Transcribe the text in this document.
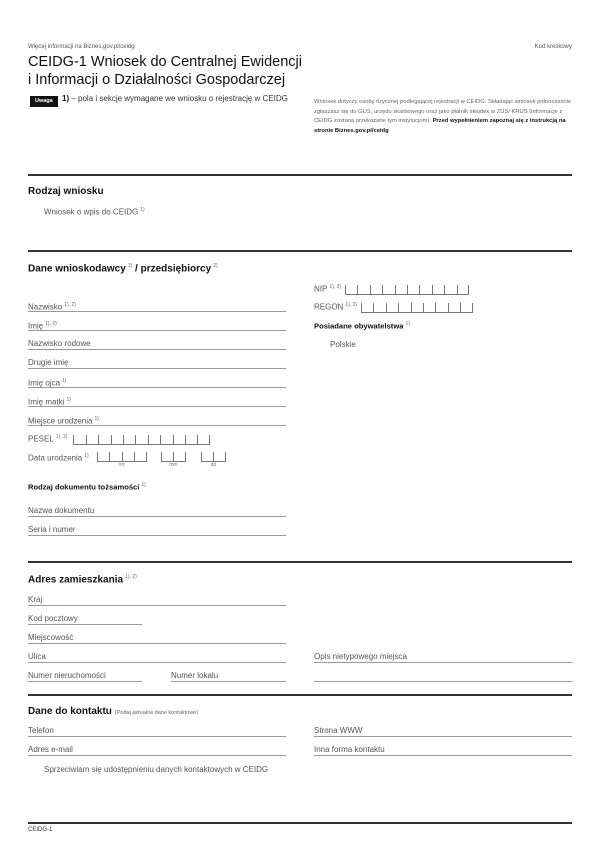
Więcej informacji na Biznes.gov.pl/ceidg	Kod kreskowy
CEIDG-1 Wniosek do Centralnej Ewidencji
i Informacji o Działalności Gospodarczej
Uwaga	1) – pola i sekcje wymagane we wniosku o rejestrację w CEIDG	Wniosek dotyczy osoby fizycznej podlegającej rejestracji w CEIDG. Składając wniosek jednocześnie zgłaszasz się do GUS, urzędu skarbowego oraz jako płatnik składek w ZUS/ KRUS (informacje z CEIDG zostaną przekazane tym instytucjom). Przed wypełnieniem zapoznaj się z instrukcją na stronie Biznes.gov.pl/ceidg
Rodzaj wniosku
Wniosek o wpis do CEIDG $^{1)}$
Dane wnioskodawcy $^{1)}$ / przedsiębiorcy $^{2)}$
Nazwisko $^{1), 2)}$
Imię $^{1), 2)}$
Nazwisko rodowe
Drugie imię
Imię ojca $^{1)}$
Imię matki $^{1)}$
Miejsce urodzenia $^{1)}$
PESEL $^{1), 2)}$
Data urodzenia $^{1)}$
rrrr	mm	dd
Rodzaj dokumentu tożsamości $^{1)}$
Nazwa dokumentu
Seria i numer
NIP $^{1), 2)}$
REGON $^{1), 2)}$
Posiadane obywatelstwa $^{1)}$
Polskie
Adres zamieszkania $^{1), 2)}$
Kraj
Kod pocztowy
Miejscowość
Ulica
Numer nieruchomości	Numer lokalu
Opis nietypowego miejsca
Dane do kontaktu (Podaj aktualne dane kontaktowe)
Telefon
Adres e-mail
Strona WWW
Inna forma kontaktu
Sprzeciwiam się udostępnieniu danych kontaktowych w CEIDG
CEIDG-1
